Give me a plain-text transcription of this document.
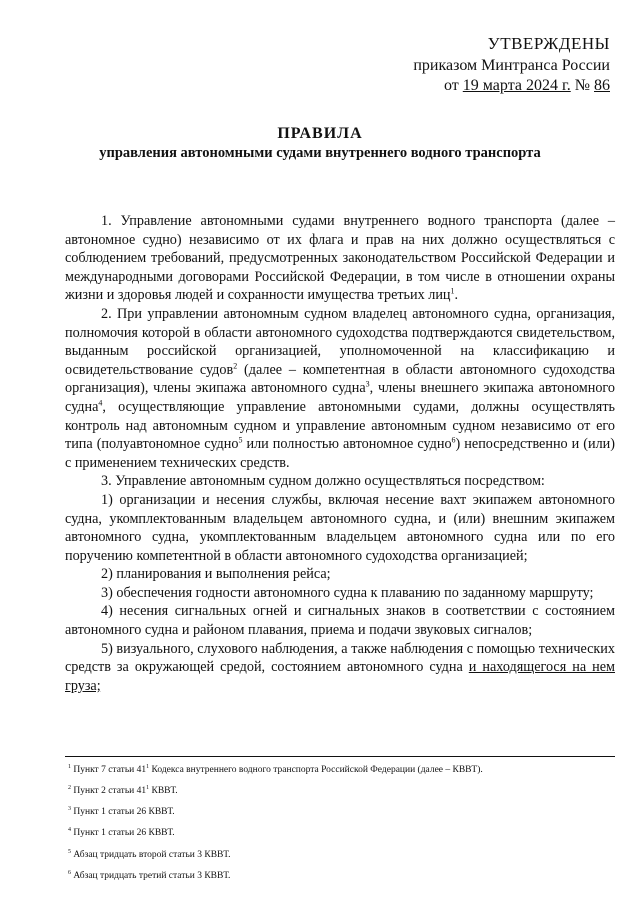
УТВЕРЖДЕНЫ
приказом Минтранса России
от 19 марта 2024 г. № 86
ПРАВИЛА
управления автономными судами внутреннего водного транспорта

1. Управление автономными судами внутреннего водного транспорта (далее – автономное судно) независимо от их флага и прав на них должно осуществляться с соблюдением требований, предусмотренных законодательством Российской Федерации и международными договорами Российской Федерации, в том числе в отношении охраны жизни и здоровья людей и сохранности имущества третьих лиц$^1$.

2. При управлении автономным судном владелец автономного судна, организация, полномочия которой в области автономного судоходства подтверждаются свидетельством, выданным российской организацией, уполномоченной на классификацию и освидетельствование судов$^2$ (далее – компетентная в области автономного судоходства организация), члены экипажа автономного судна$^3$, члены внешнего экипажа автономного судна$^4$, осуществляющие управление автономными судами, должны осуществлять контроль над автономным судном и управление автономным судном независимо от его типа (полуавтономное судно$^5$ или полностью автономное судно$^6$) непосредственно и (или) с применением технических средств.

3. Управление автономным судном должно осуществляться посредством:

1) организации и несения службы, включая несение вахт экипажем автономного судна, укомплектованным владельцем автономного судна, и (или) внешним экипажем автономного судна, укомплектованным владельцем автономного судна или по его поручению компетентной в области автономного судоходства организацией;

2) планирования и выполнения рейса;

3) обеспечения годности автономного судна к плаванию по заданному маршруту;

4) несения сигнальных огней и сигнальных знаков в соответствии с состоянием автономного судна и районом плавания, приема и подачи звуковых сигналов;

5) визуального, слухового наблюдения, а также наблюдения с помощью технических средств за окружающей средой, состоянием автономного судна и находящегося на нем груза;

$^1$ Пункт 7 статьи $41^1$ Кодекса внутреннего водного транспорта Российской Федерации (далее – КВВТ).
$^2$ Пункт 2 статьи $41^1$ КВВТ.
$^3$ Пункт 1 статьи 26 КВВТ.
$^4$ Пункт 1 статьи 26 КВВТ.
$^5$ Абзац тридцать второй статьи 3 КВВТ.
$^6$ Абзац тридцать третий статьи 3 КВВТ.
